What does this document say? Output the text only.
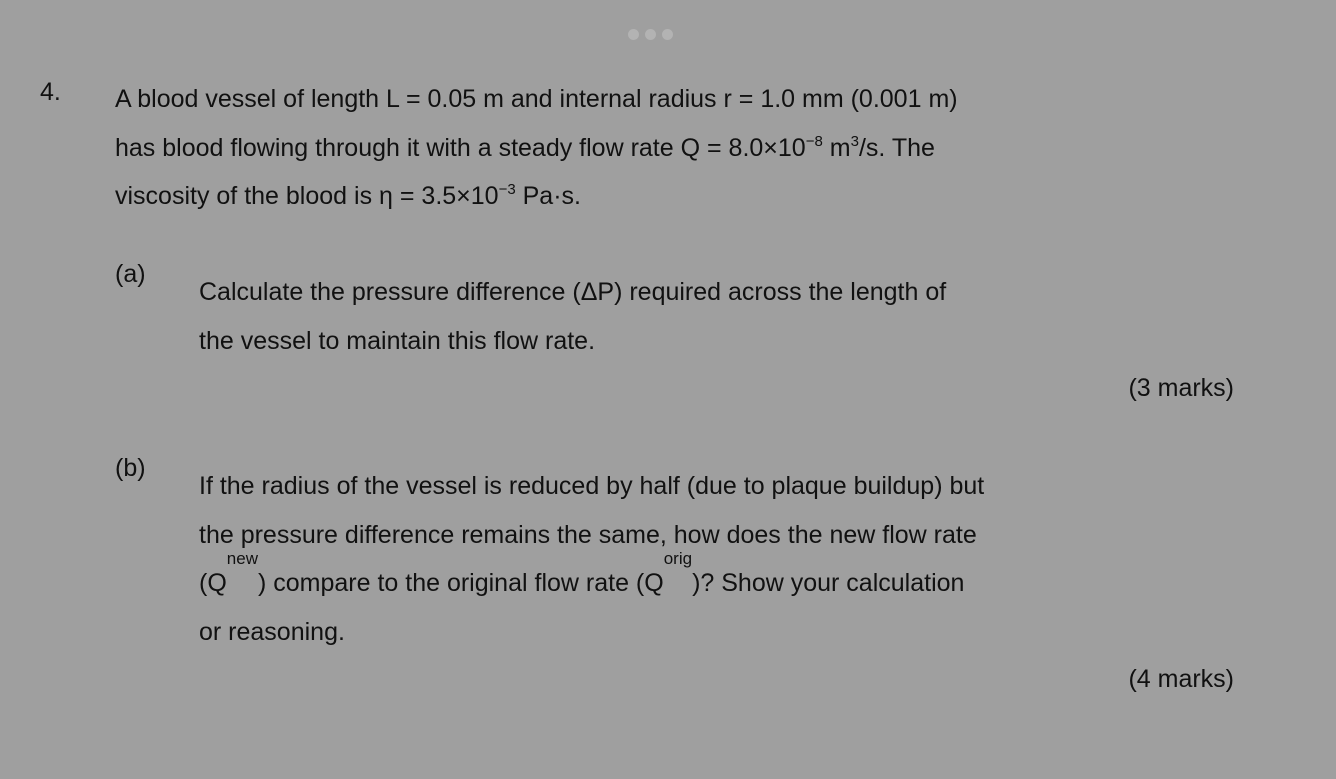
4. A blood vessel of length L = 0.05 m and internal radius r = 1.0 mm (0.001 m)
has blood flowing through it with a steady flow rate $Q = 8.0\times 10^{-8}$ $m^3/s$. The
viscosity of the blood is $\eta = 3.5\times 10^{-3}$ Pa·s.
(a)
Calculate the pressure difference (ΔP) required across the length of
the vessel to maintain this flow rate.
(3 marks)
(b)
If the radius of the vessel is reduced by half (due to plaque buildup) but
the pressure difference remains the same, how does the new flow rate
(Q
new
) compare to the original flow rate (Q
orig
)? Show your calculation
or reasoning.
(4 marks)
